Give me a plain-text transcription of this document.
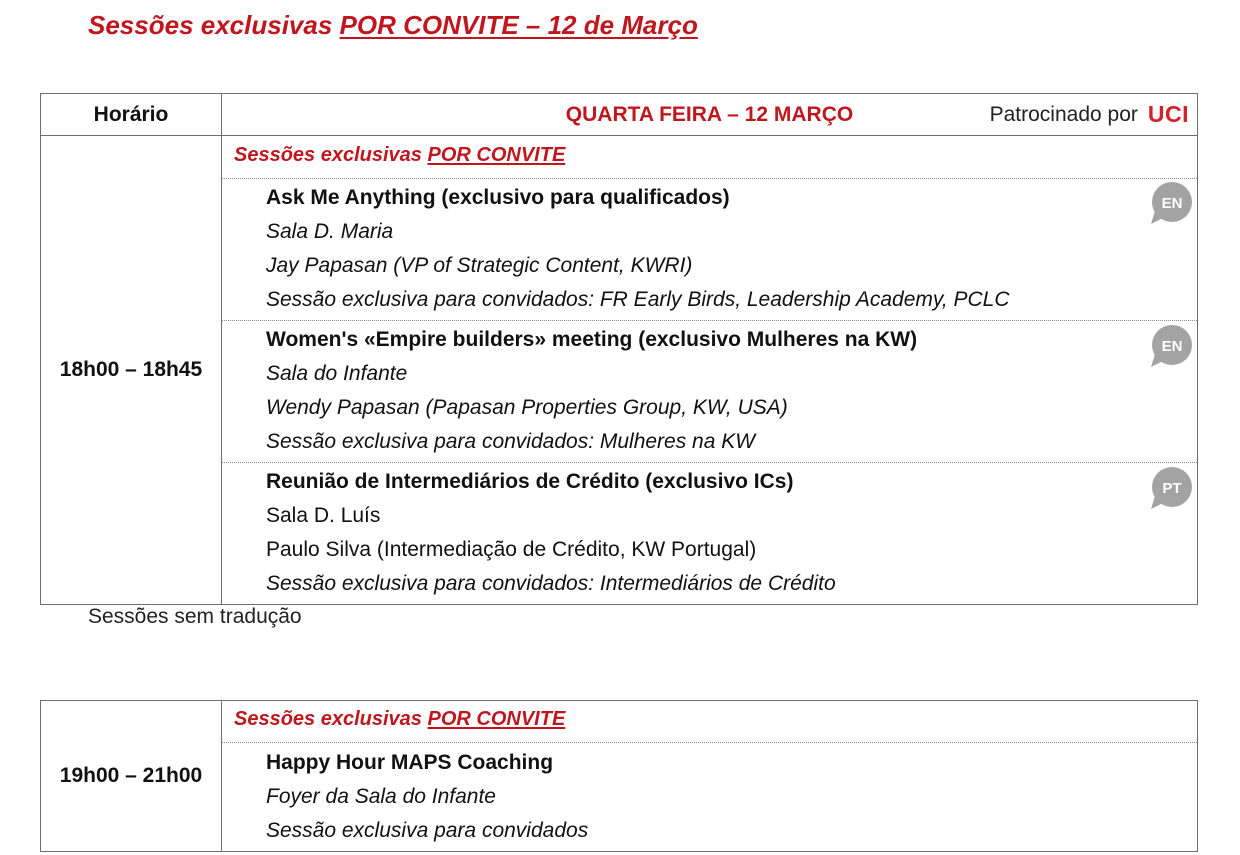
Sessões exclusivas POR CONVITE – 12 de Março
Horário	QUARTA FEIRA – 12 MARÇO	Patrocinado por UCI
Sessões exclusivas POR CONVITE
18h00 – 18h45
Ask Me Anything (exclusivo para qualificados)
Sala D. Maria
Jay Papasan (VP of Strategic Content, KWRI)
Sessão exclusiva para convidados: FR Early Birds, Leadership Academy, PCLC
EN
Women's «Empire builders» meeting (exclusivo Mulheres na KW)
Sala do Infante
Wendy Papasan (Papasan Properties Group, KW, USA)
Sessão exclusiva para convidados: Mulheres na KW
EN
Reunião de Intermediários de Crédito (exclusivo ICs)
Sala D. Luís
Paulo Silva (Intermediação de Crédito, KW Portugal)
Sessão exclusiva para convidados: Intermediários de Crédito
PT
Sessões sem tradução
Sessões exclusivas POR CONVITE
19h00 – 21h00
Happy Hour MAPS Coaching
Foyer da Sala do Infante
Sessão exclusiva para convidados
